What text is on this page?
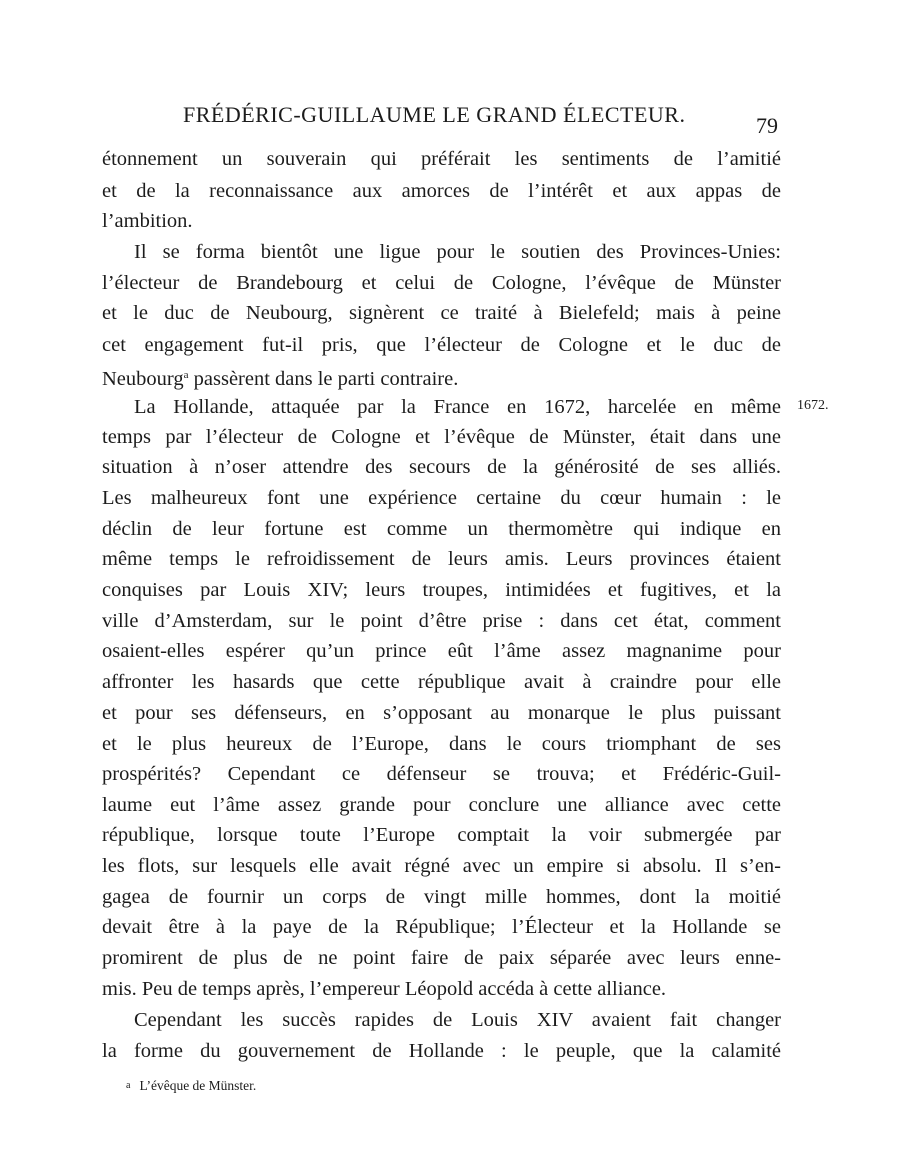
FRÉDÉRIC-GUILLAUME LE GRAND ÉLECTEUR.	79
1672.
étonnement un souverain qui préférait les sentiments de l’amitié
et de la reconnaissance aux amorces de l’intérêt et aux appas de
l’ambition.
Il se forma bientôt une ligue pour le soutien des Provinces-Unies:
l’électeur de Brandebourg et celui de Cologne, l’évêque de Münster
et le duc de Neubourg, signèrent ce traité à Bielefeld; mais à peine
cet engagement fut-il pris, que l’électeur de Cologne et le duc de
Neubourg$^a$ passèrent dans le parti contraire.
La Hollande, attaquée par la France en 1672, harcelée en même
temps par l’électeur de Cologne et l’évêque de Münster, était dans une
situation à n’oser attendre des secours de la générosité de ses alliés.
Les malheureux font une expérience certaine du cœur humain : le
déclin de leur fortune est comme un thermomètre qui indique en
même temps le refroidissement de leurs amis. Leurs provinces étaient
conquises par Louis XIV; leurs troupes, intimidées et fugitives, et la
ville d’Amsterdam, sur le point d’être prise : dans cet état, comment
osaient-elles espérer qu’un prince eût l’âme assez magnanime pour
affronter les hasards que cette république avait à craindre pour elle
et pour ses défenseurs, en s’opposant au monarque le plus puissant
et le plus heureux de l’Europe, dans le cours triomphant de ses
prospérités? Cependant ce défenseur se trouva; et Frédéric-Guil-
laume eut l’âme assez grande pour conclure une alliance avec cette
république, lorsque toute l’Europe comptait la voir submergée par
les flots, sur lesquels elle avait régné avec un empire si absolu. Il s’en-
gagea de fournir un corps de vingt mille hommes, dont la moitié
devait être à la paye de la République; l’Électeur et la Hollande se
promirent de plus de ne point faire de paix séparée avec leurs enne-
mis. Peu de temps après, l’empereur Léopold accéda à cette alliance.
Cependant les succès rapides de Louis XIV avaient fait changer
la forme du gouvernement de Hollande : le peuple, que la calamité
a L’évêque de Münster.
